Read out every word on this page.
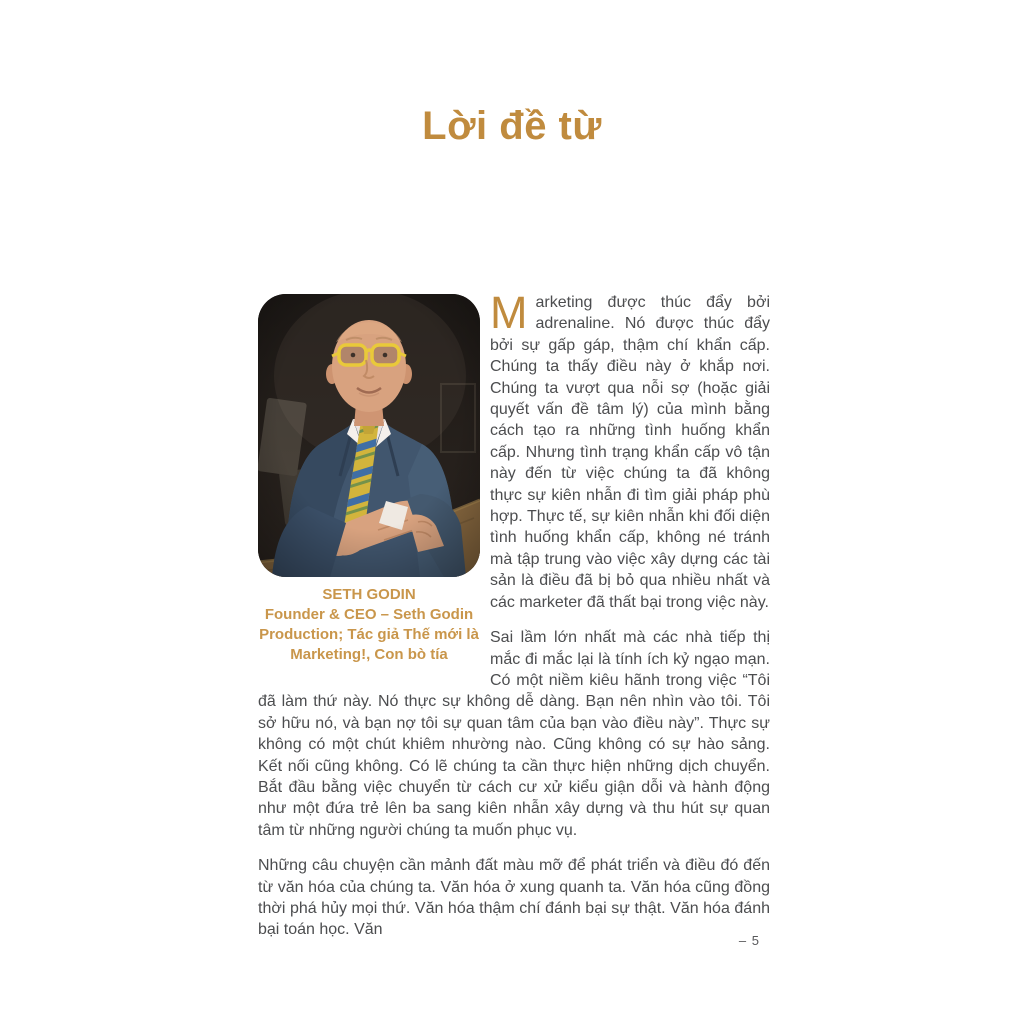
Lời đề từ
SETH GODIN
Founder & CEO – Seth Godin
Production; Tác giả Thế mới là
Marketing!, Con bò tía

Marketing được thúc đẩy bởi adrenaline. Nó được thúc đẩy bởi sự gấp gáp, thậm chí khẩn cấp. Chúng ta thấy điều này ở khắp nơi. Chúng ta vượt qua nỗi sợ (hoặc giải quyết vấn đề tâm lý) của mình bằng cách tạo ra những tình huống khẩn cấp. Nhưng tình trạng khẩn cấp vô tận này đến từ việc chúng ta đã không thực sự kiên nhẫn đi tìm giải pháp phù hợp. Thực tế, sự kiên nhẫn khi đối diện tình huống khẩn cấp, không né tránh mà tập trung vào việc xây dựng các tài sản là điều đã bị bỏ qua nhiều nhất và các marketer đã thất bại trong việc này.

Sai lầm lớn nhất mà các nhà tiếp thị mắc đi mắc lại là tính ích kỷ ngạo mạn. Có một niềm kiêu hãnh trong việc “Tôi đã làm thứ này. Nó thực sự không dễ dàng. Bạn nên nhìn vào tôi. Tôi sở hữu nó, và bạn nợ tôi sự quan tâm của bạn vào điều này”. Thực sự không có một chút khiêm nhường nào. Cũng không có sự hào sảng. Kết nối cũng không. Có lẽ chúng ta cần thực hiện những dịch chuyển. Bắt đầu bằng việc chuyển từ cách cư xử kiểu giận dỗi và hành động như một đứa trẻ lên ba sang kiên nhẫn xây dựng và thu hút sự quan tâm từ những người chúng ta muốn phục vụ.

Những câu chuyện cần mảnh đất màu mỡ để phát triển và điều đó đến từ văn hóa của chúng ta. Văn hóa ở xung quanh ta. Văn hóa cũng đồng thời phá hủy mọi thứ. Văn hóa thậm chí đánh bại sự thật. Văn hóa đánh bại toán học. Văn

– 5
